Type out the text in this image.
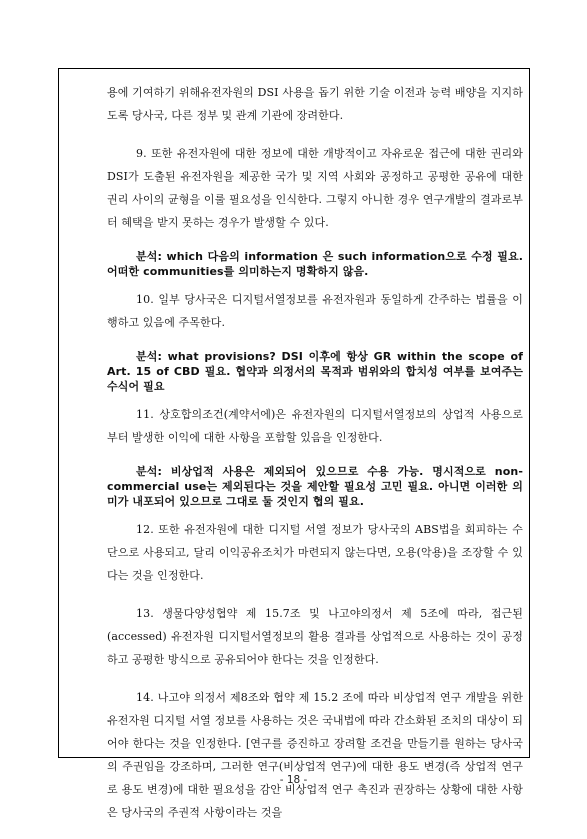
용에 기여하기 위해유전자원의 DSI 사용을 돕기 위한 기술 이전과 능력 배양을 지지하도록 당사국, 다른 정부 및 관계 기관에 장려한다.

9. 또한 유전자원에 대한 정보에 대한 개방적이고 자유로운 접근에 대한 권리와 DSI가 도출된 유전자원을 제공한 국가 및 지역 사회와 공정하고 공평한 공유에 대한 권리 사이의 균형을 이룰 필요성을 인식한다. 그렇지 아니한 경우 연구개발의 결과로부터 혜택을 받지 못하는 경우가 발생할 수 있다.

분석: which 다음의 information 은 such information으로 수정 필요. 어떠한 communities를 의미하는지 명확하지 않음.

10. 일부 당사국은 디지털서열정보를 유전자원과 동일하게 간주하는 법률을 이행하고 있음에 주목한다.

분석: what provisions? DSI 이후에 항상 GR within the scope of Art. 15 of CBD 필요. 협약과 의정서의 목적과 범위와의 합치성 여부를 보여주는 수식어 필요

11. 상호합의조건(계약서에)은 유전자원의 디지털서열정보의 상업적 사용으로부터 발생한 이익에 대한 사항을 포함할 있음을 인정한다.

분석: 비상업적 사용은 제외되어 있으므로 수용 가능. 명시적으로 non-commercial use는 제외된다는 것을 제안할 필요성 고민 필요. 아니면 이러한 의미가 내포되어 있으므로 그대로 둘 것인지 협의 필요.

12. 또한 유전자원에 대한 디지털 서열 정보가 당사국의 ABS법을 회피하는 수단으로 사용되고, 달리 이익공유조치가 마련되지 않는다면, 오용(악용)을 조장할 수 있다는 것을 인정한다.

13. 생물다양성협약 제 15.7조 및 나고야의정서 제 5조에 따라, 접근된(accessed) 유전자원 디지털서열정보의 활용 결과를 상업적으로 사용하는 것이 공정하고 공평한 방식으로 공유되어야 한다는 것을 인정한다.

14. 나고야 의정서 제8조와 협약 제 15.2 조에 따라 비상업적 연구 개발을 위한 유전자원 디지털 서열 정보를 사용하는 것은 국내법에 따라 간소화된 조치의 대상이 되어야 한다는 것을 인정한다. [연구를 증진하고 장려할 조건을 만들기를 원하는 당사국의 주권임을 강조하며, 그러한 연구(비상업적 연구)에 대한 용도 변경(즉 상업적 연구로 용도 변경)에 대한 필요성을 감안 비상업적 연구 촉진과 권장하는 상황에 대한 사항은 당사국의 주권적 사항이라는 것을

- 18 -
